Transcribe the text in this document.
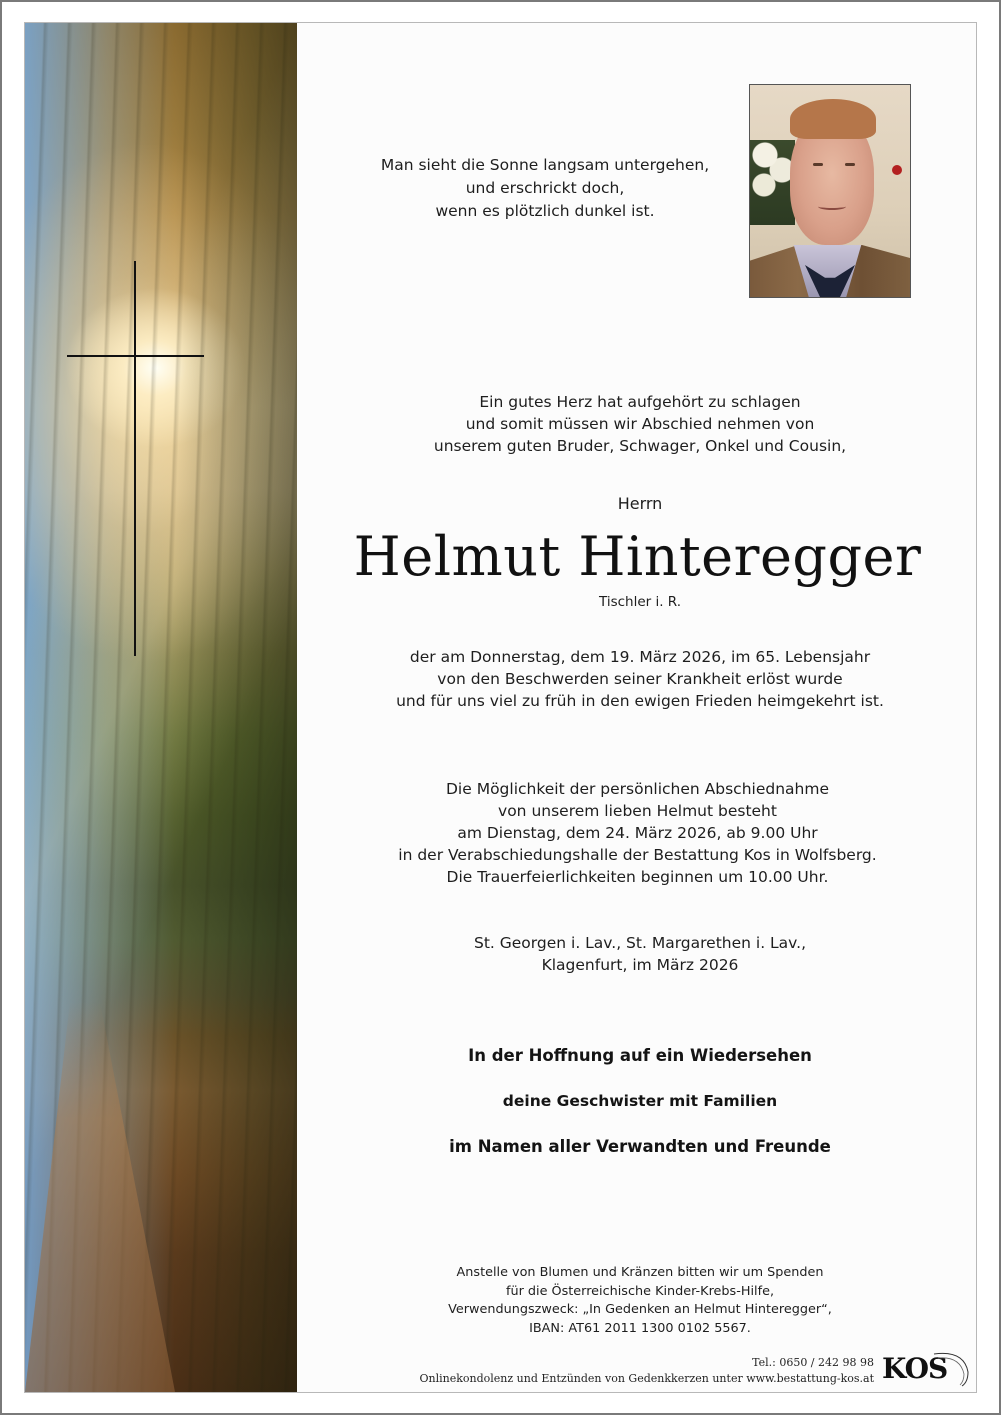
Man sieht die Sonne langsam untergehen,
und erschrickt doch,
wenn es plötzlich dunkel ist.
Ein gutes Herz hat aufgehört zu schlagen
und somit müssen wir Abschied nehmen von
unserem guten Bruder, Schwager, Onkel und Cousin,
Herrn
Helmut Hinteregger
Tischler i. R.
der am Donnerstag, dem 19. März 2026, im 65. Lebensjahr
von den Beschwerden seiner Krankheit erlöst wurde
und für uns viel zu früh in den ewigen Frieden heimgekehrt ist.
Die Möglichkeit der persönlichen Abschiednahme
von unserem lieben Helmut besteht
am Dienstag, dem 24. März 2026, ab 9.00 Uhr
in der Verabschiedungshalle der Bestattung Kos in Wolfsberg.
Die Trauerfeierlichkeiten beginnen um 10.00 Uhr.
St. Georgen i. Lav., St. Margarethen i. Lav.,
Klagenfurt, im März 2026
In der Hoffnung auf ein Wiedersehen
deine Geschwister mit Familien
im Namen aller Verwandten und Freunde
Anstelle von Blumen und Kränzen bitten wir um Spenden
für die Österreichische Kinder-Krebs-Hilfe,
Verwendungszweck: „In Gedenken an Helmut Hinteregger“,
IBAN: AT61 2011 1300 0102 5567.
Tel.: 0650 / 242 98 98
Onlinekondolenz und Entzünden von Gedenkkerzen unter www.bestattung-kos.at KOS
